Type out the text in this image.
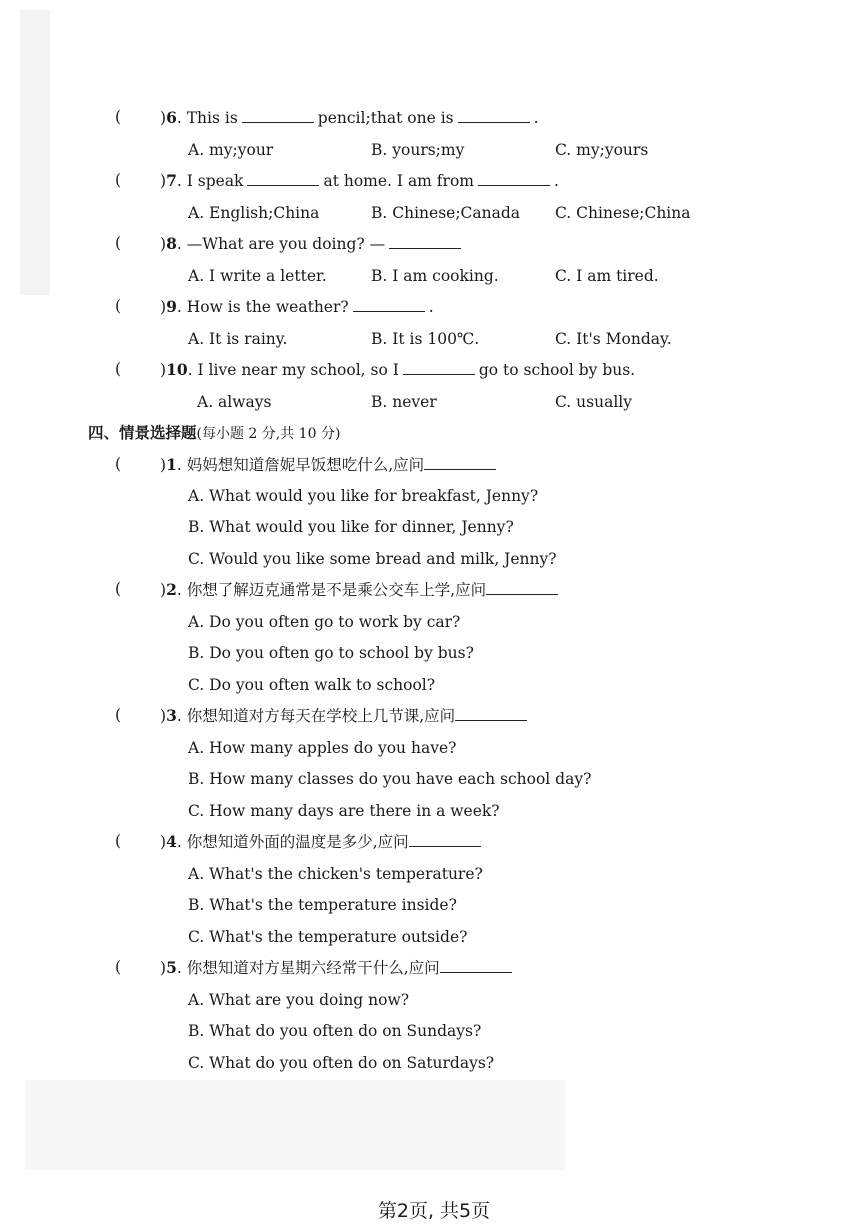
(	)6. This is	pencil;that one is	.
A. my;your	B. yours;my	C. my;yours
(	)7. I speak	at home. I am from	.
A. English;China	B. Chinese;Canada C. Chinese;China
(	)8. —What are you doing? —
A. I write a letter.	B. I am cooking.	C. I am tired.
(	)9. How is the weather?	.
A. It is rainy.	B. It is 100℃.	C. It's Monday.
(	)10. I live near my school, so I	go to school by bus.
A. always	B. never	C. usually
四、情景选择题(每小题 2 分,共 10 分)
(	)1. 妈妈想知道詹妮早饭想吃什么,应问
A. What would you like for breakfast, Jenny?
B. What would you like for dinner, Jenny?
C. Would you like some bread and milk, Jenny?
(	)2. 你想了解迈克通常是不是乘公交车上学,应问
A. Do you often go to work by car?
B. Do you often go to school by bus?
C. Do you often walk to school?
(	)3. 你想知道对方每天在学校上几节课,应问
A. How many apples do you have?
B. How many classes do you have each school day?
C. How many days are there in a week?
(	)4. 你想知道外面的温度是多少,应问
A. What's the chicken's temperature?
B. What's the temperature inside?
C. What's the temperature outside?
(	)5. 你想知道对方星期六经常干什么,应问
A. What are you doing now?
B. What do you often do on Sundays?
C. What do you often do on Saturdays?
第2页, 共5页
